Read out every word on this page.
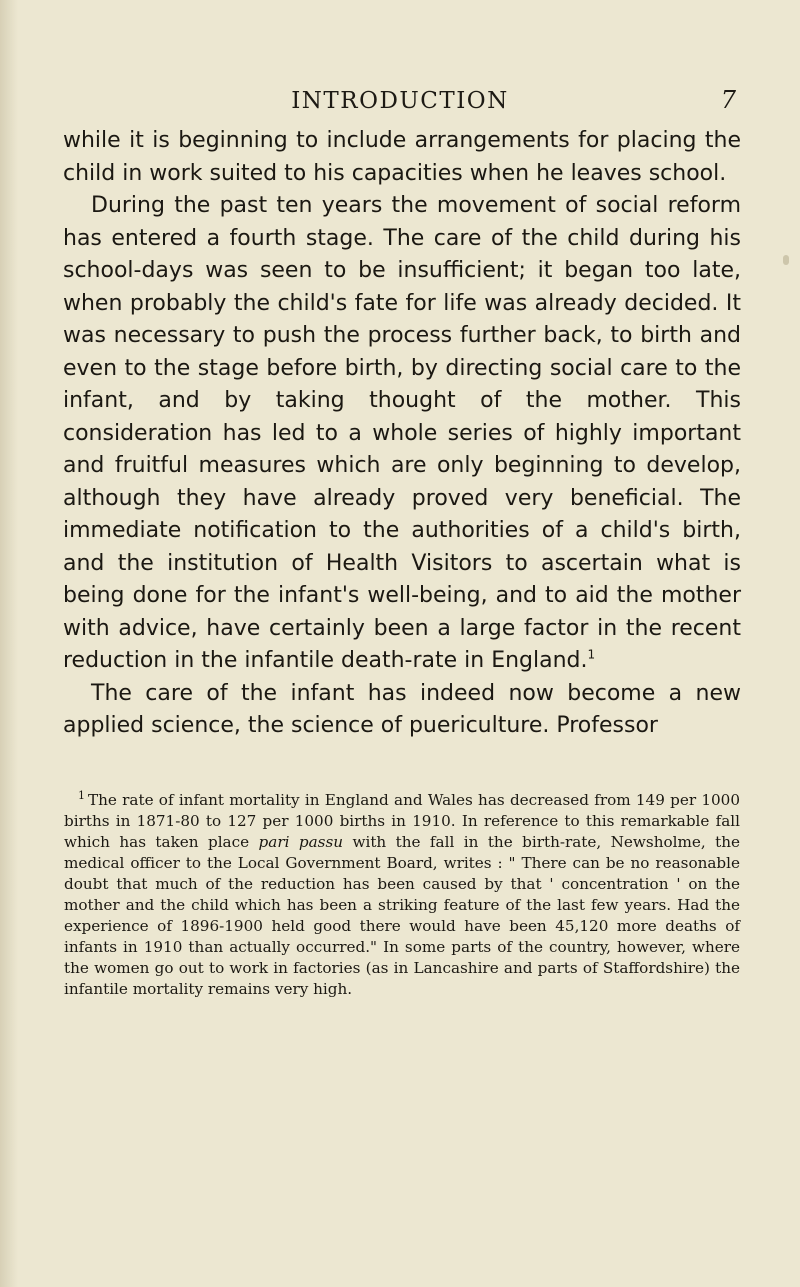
INTRODUCTION	7

while it is beginning to include arrangements for placing the child in work suited to his capacities when he leaves school.

During the past ten years the movement of social reform has entered a fourth stage. The care of the child during his school-days was seen to be insufficient; it began too late, when probably the child's fate for life was already decided. It was necessary to push the process further back, to birth and even to the stage before birth, by directing social care to the infant, and by taking thought of the mother. This consideration has led to a whole series of highly important and fruitful measures which are only beginning to develop, although they have already proved very beneficial. The immediate notification to the authorities of a child's birth, and the institution of Health Visitors to ascertain what is being done for the infant's well-being, and to aid the mother with advice, have certainly been a large factor in the recent reduction in the infantile death-rate in England.$^1$

The care of the infant has indeed now become a new applied science, the science of puericulture. Professor

$^1$ The rate of infant mortality in England and Wales has decreased from 149 per 1000 births in 1871-80 to 127 per 1000 births in 1910. In reference to this remarkable fall which has taken place pari passu with the fall in the birth-rate, Newsholme, the medical officer to the Local Government Board, writes : " There can be no reasonable doubt that much of the reduction has been caused by that ' concentration ' on the mother and the child which has been a striking feature of the last few years. Had the experience of 1896-1900 held good there would have been 45,120 more deaths of infants in 1910 than actually occurred." In some parts of the country, however, where the women go out to work in factories (as in Lancashire and parts of Staffordshire) the infantile mortality remains very high.
